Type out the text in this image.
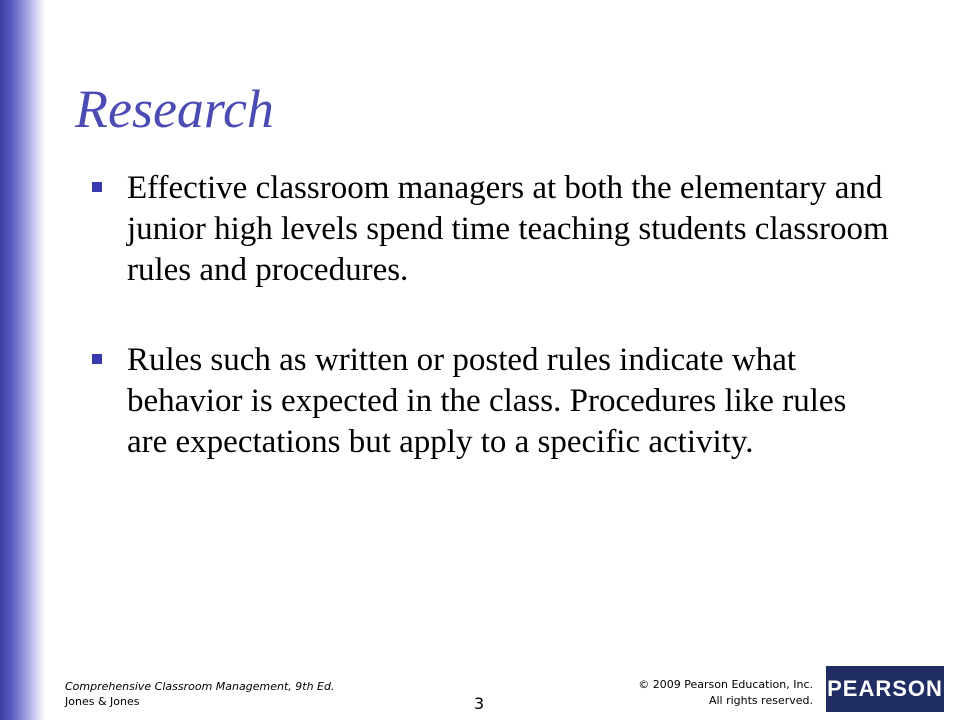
Research
Effective classroom managers at both the elementary and junior high levels spend time teaching students classroom rules and procedures.
Rules such as written or posted rules indicate what behavior is expected in the class. Procedures like rules are expectations but apply to a specific activity.
Comprehensive Classroom Management, 9th Ed.
Jones & Jones	3
© 2009 Pearson Education, Inc.
All rights reserved. PEARSON
